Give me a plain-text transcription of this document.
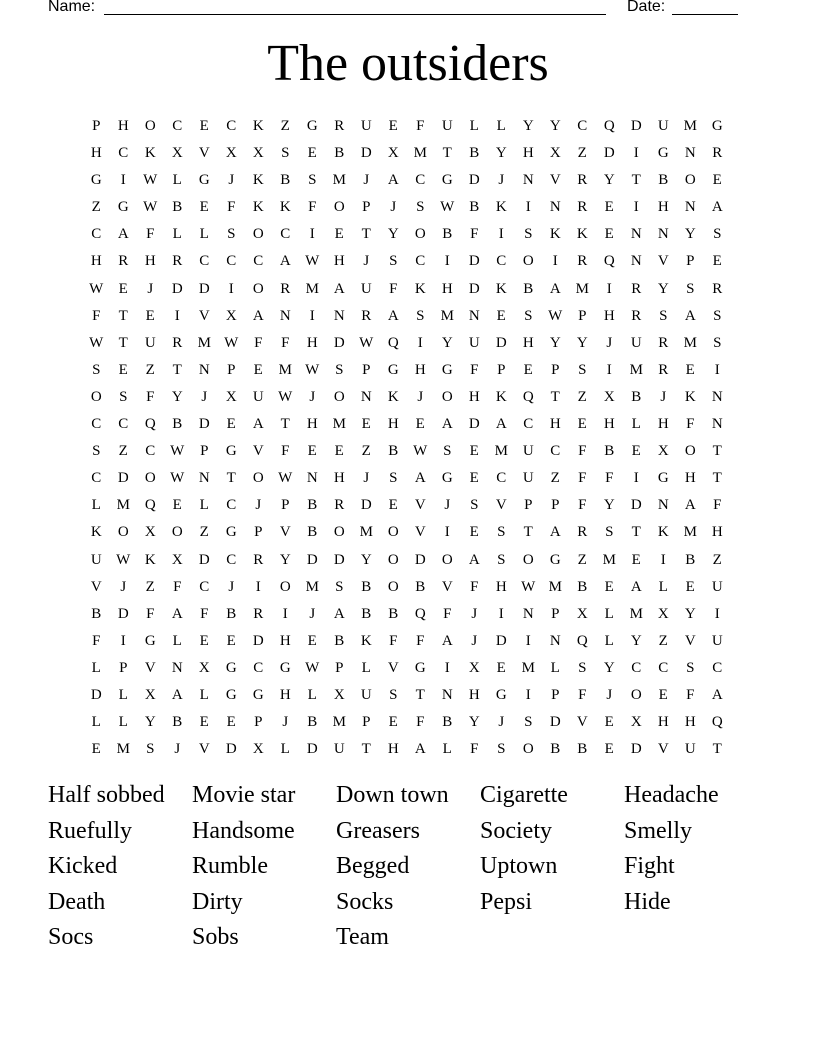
Name:	Date:
The outsiders
P	H	O	C	E	C	K	Z	G	R	U	E	F	U	L	L	Y	Y	C	Q	D	U M G
H	C	K	X	V	X	X	S	E	B	D	X M	T	B	Y	H	X	Z	D	I	G	N	R
G	I	W L	G	J	K	B	S	M	J	A	C	G	D	J	N	V	R	Y	T	B	O	E
Z	G W B	E	F	K	K	F	O	P	J	S	W B	K	I	N	R	E	I	H	N	A
C	A	F	L	L	S	O	C	I	E	T	Y	O	B	F	I	S	K	K	E	N	N	Y	S
H	R	H	R	C	C	C	A W H	J	S	C	I	D	C	O	I	R	Q	N	V	P	E
W E	J	D	D	I	O	R M A	U	F	K	H	D	K	B	A M	I	R	Y	S	R
F	T	E	I	V	X	A	N	I	N	R	A	S	M N	E	S	W	P	H	R	S	A	S
W T	U	R M W	F	F	H	D W Q	I	Y	U	D	H	Y	Y	J	U	R M	S
S	E	Z	T	N	P	E	M W	S	P	G	H	G	F	P	E	P	S	I	M R	E	I
O	S	F	Y	J	X	U W	J	O	N	K	J	O	H	K	Q	T	Z	X	B	J	K	N
C	C	Q	B	D	E	A	T	H M	E	H	E	A	D	A	C	H	E	H	L	H	F	N
S	Z	C W	P	G	V	F	E	E	Z	B W	S	E	M U	C	F	B	E	X	O	T
C	D	O W N	T	O W N	H	J	S	A	G	E	C	U	Z	F	F	I	G	H	T
L	M Q	E	L	C	J	P	B	R	D	E	V	J	S	V	P	P	F	Y	D	N	A	F
K	O	X	O	Z	G	P	V	B	O M O	V	I	E	S	T	A	R	S	T	K M H
U W K	X	D	C	R	Y	D	D	Y	O	D	O	A	S	O	G	Z	M	E	I	B	Z
V	J	Z	F	C	J	I	O M	S	B	O	B	V	F	H W M B	E	A	L	E	U
B	D	F	A	F	B	R	I	J	A	B	B	Q	F	J	I	N	P	X	L	M X	Y	I
F	I	G	L	E	E	D	H	E	B	K	F	F	A	J	D	I	N	Q	L	Y	Z	V	U
L	P	V	N	X	G	C	G W	P	L	V	G	I	X	E	M	L	S	Y	C	C	S	C
D	L	X	A	L	G	G	H	L	X	U	S	T	N	H	G	I	P	F	J	O	E	F	A
L	L	Y	B	E	E	P	J	B M	P	E	F	B	Y	J	S	D	V	E	X	H	H	Q
E	M	S	J	V	D	X	L	D	U	T	H	A	L	F	S	O	B	B	E	D	V	U	T
Half sobbed	Movie star	Down town	Cigarette	Headache
Ruefully	Handsome	Greasers	Society	Smelly
Kicked	Rumble	Begged	Uptown	Fight
Death	Dirty	Socks	Pepsi	Hide
Socs	Sobs	Team
